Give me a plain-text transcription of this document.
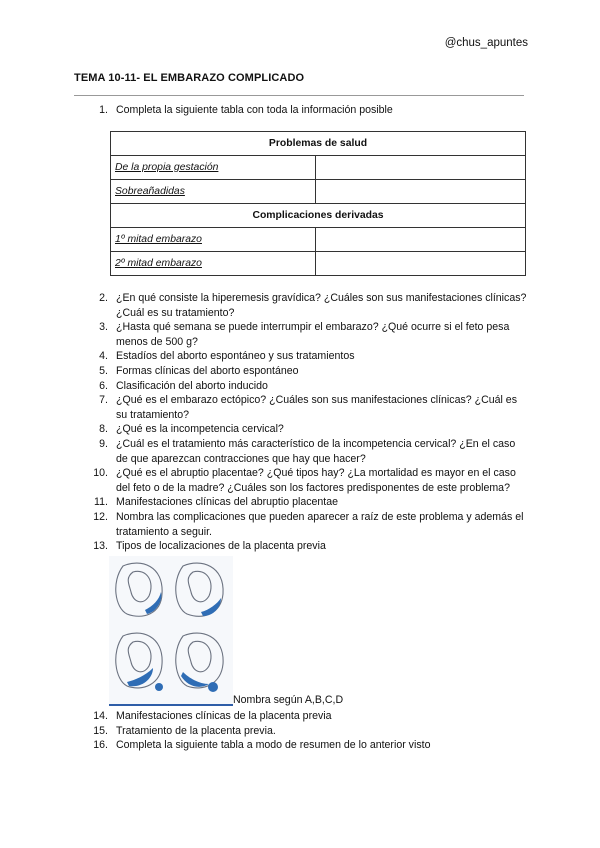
@chus_apuntes
TEMA 10-11- EL EMBARAZO COMPLICADO
1. Completa la siguiente tabla con toda la información posible
Problemas de salud	
De la propia gestación	
Sobreañadidas	
Complicaciones derivadas	
1º mitad embarazo	
2º mitad embarazo	
2. ¿En qué consiste la hiperemesis gravídica? ¿Cuáles son sus manifestaciones clínicas? ¿Cuál es su tratamiento?
3. ¿Hasta qué semana se puede interrumpir el embarazo? ¿Qué ocurre si el feto pesa menos de 500 g?
4. Estadíos del aborto espontáneo y sus tratamientos
5. Formas clínicas del aborto espontáneo
6. Clasificación del aborto inducido
7. ¿Qué es el embarazo ectópico? ¿Cuáles son sus manifestaciones clínicas? ¿Cuál es su tratamiento?
8. ¿Qué es la incompetencia cervical?
9. ¿Cuál es el tratamiento más característico de la incompetencia cervical? ¿En el caso de que aparezcan contracciones que hay que hacer?
10. ¿Qué es el abruptio placentae? ¿Qué tipos hay? ¿La mortalidad es mayor en el caso del feto o de la madre? ¿Cuáles son los factores predisponentes de este problema?
11. Manifestaciones clínicas del abruptio placentae
12. Nombra las complicaciones que pueden aparecer a raíz de este problema y además el tratamiento a seguir.
13. Tipos de localizaciones de la placenta previa
Nombra según A,B,C,D
14. Manifestaciones clínicas de la placenta previa
15. Tratamiento de la placenta previa.
16. Completa la siguiente tabla a modo de resumen de lo anterior visto
